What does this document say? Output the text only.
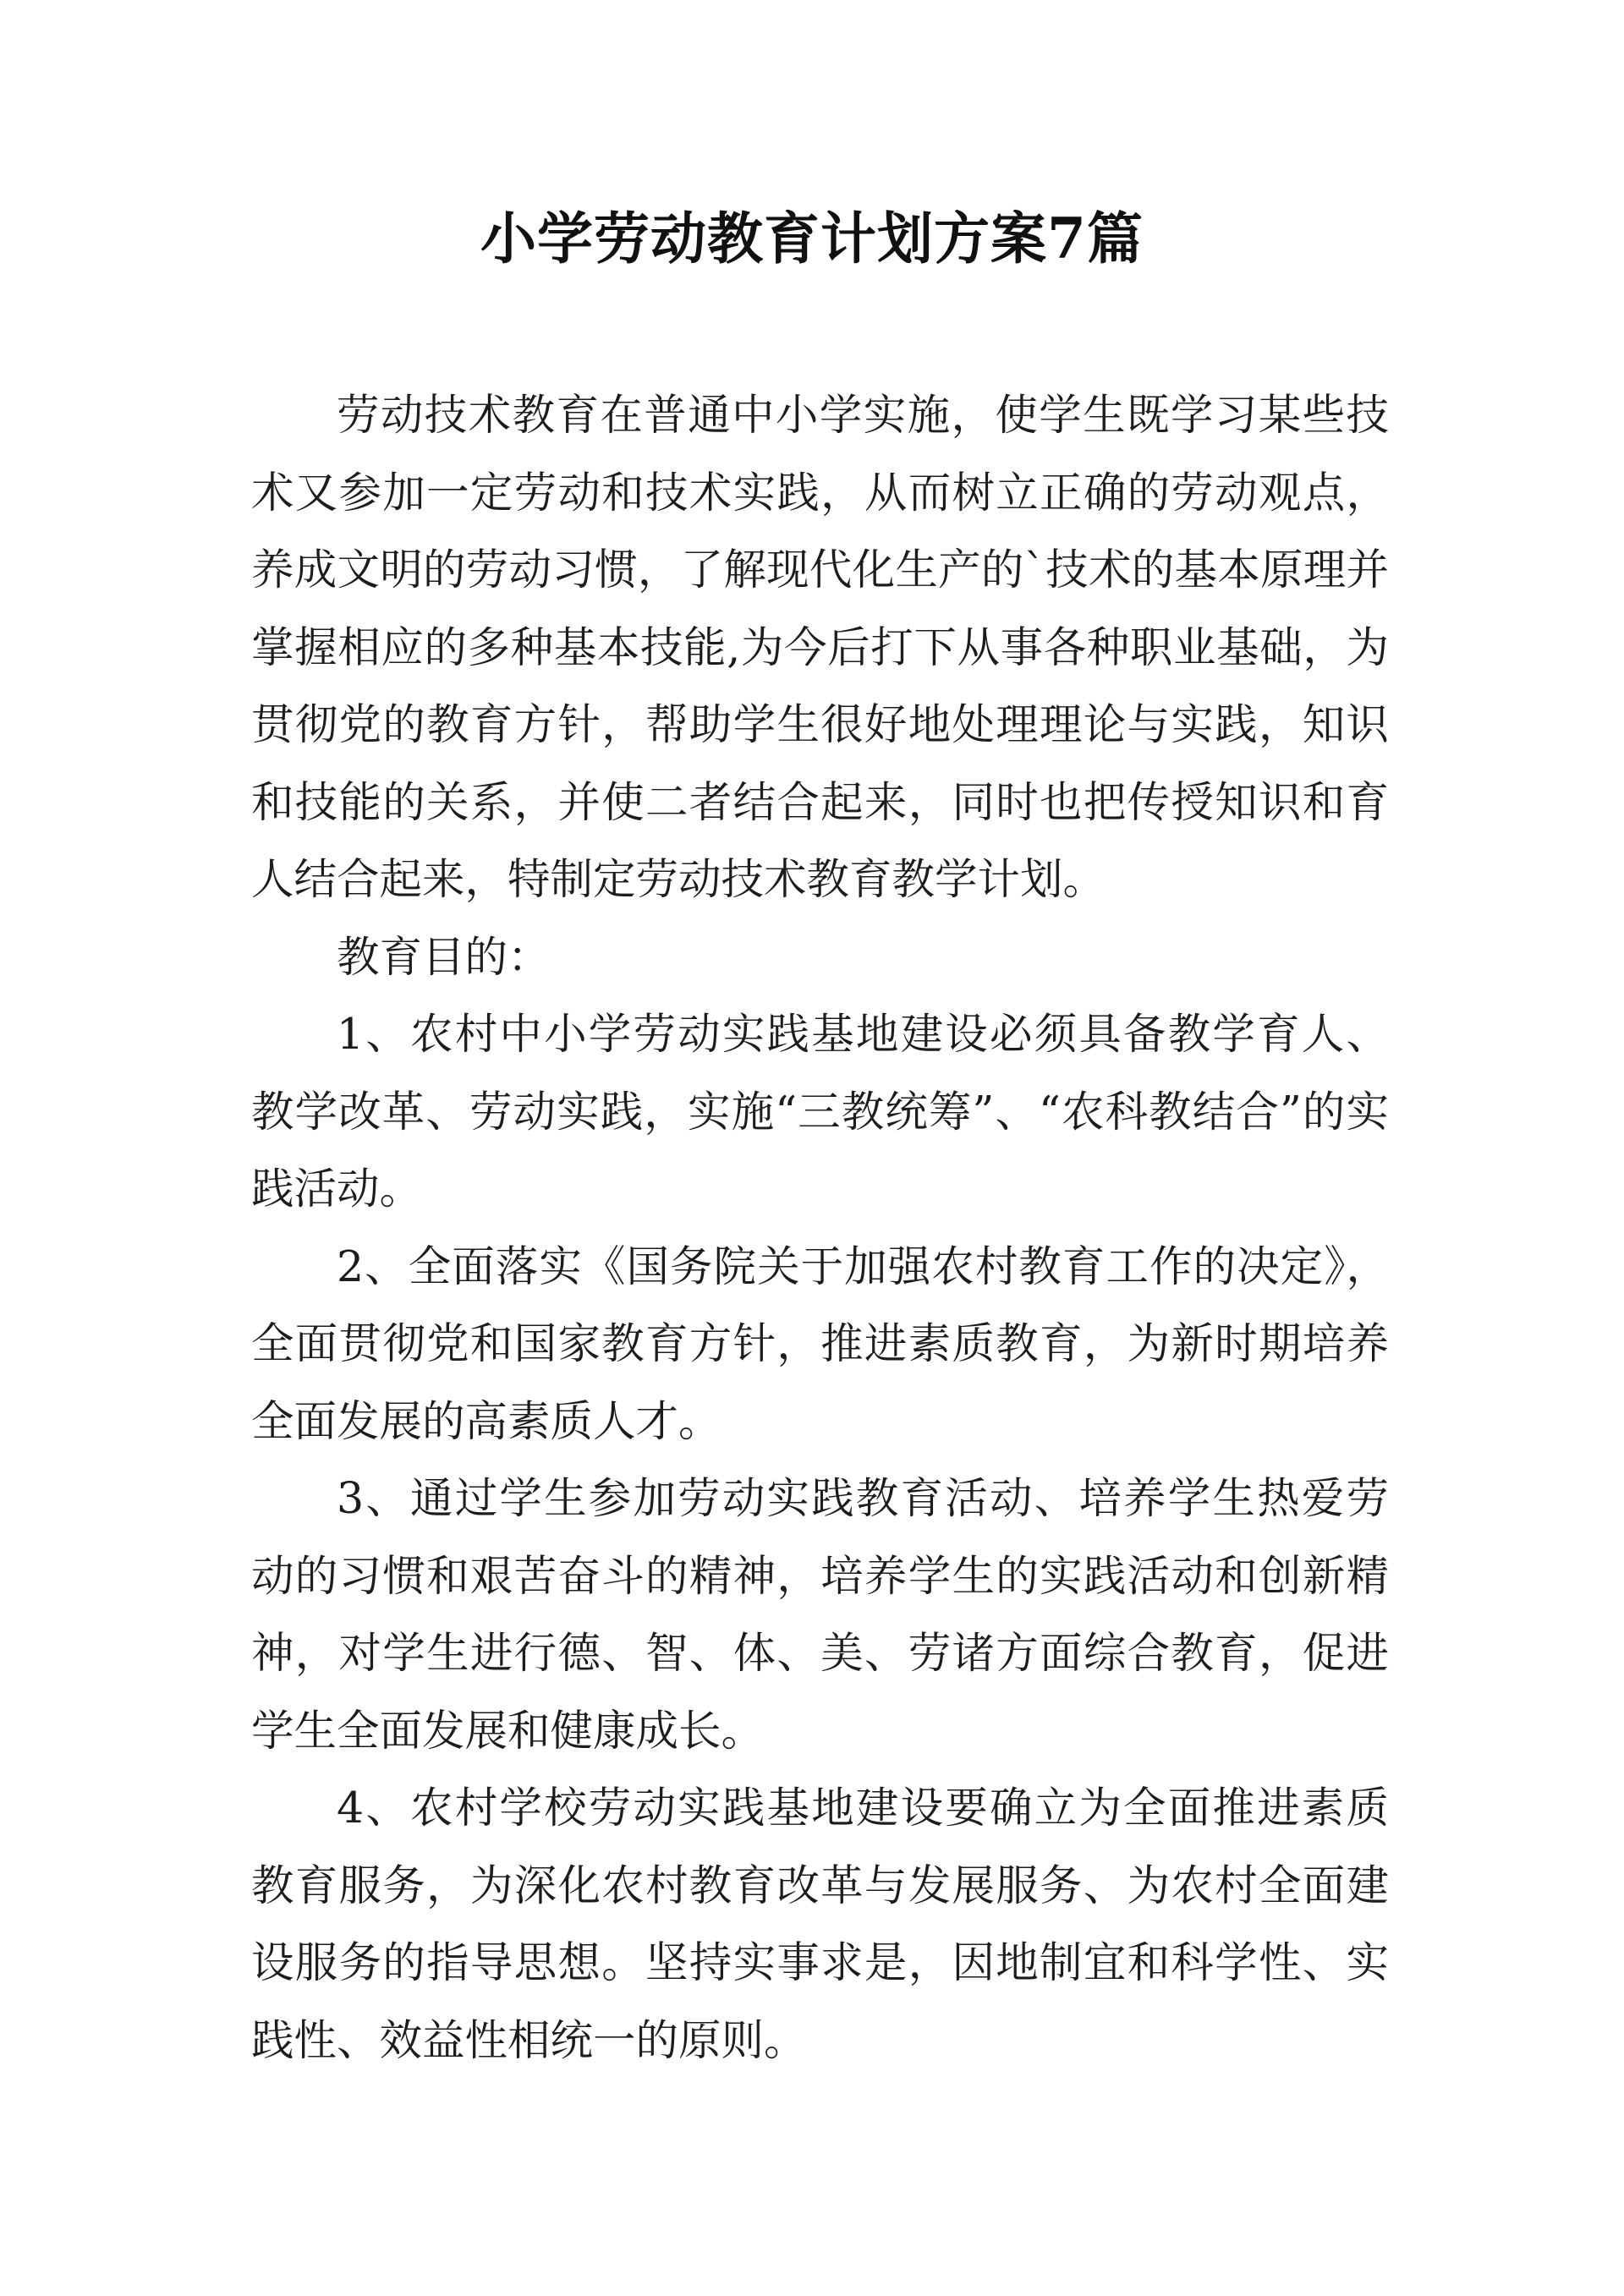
小学劳动教育计划方案7篇

劳动技术教育在普通中小学实施，使学生既学习某些技术又参加一定劳动和技术实践，从而树立正确的劳动观点，养成文明的劳动习惯，了解现代化生产的`技术的基本原理并掌握相应的多种基本技能,为今后打下从事各种职业基础，为贯彻党的教育方针，帮助学生很好地处理理论与实践，知识和技能的关系，并使二者结合起来，同时也把传授知识和育人结合起来，特制定劳动技术教育教学计划。

教育目的：

1、农村中小学劳动实践基地建设必须具备教学育人、教学改革、劳动实践，实施“三教统筹”、“农科教结合”的实践活动。

2、全面落实《国务院关于加强农村教育工作的决定》，全面贯彻党和国家教育方针，推进素质教育，为新时期培养全面发展的高素质人才。

3、通过学生参加劳动实践教育活动、培养学生热爱劳动的习惯和艰苦奋斗的精神，培养学生的实践活动和创新精神，对学生进行德、智、体、美、劳诸方面综合教育，促进学生全面发展和健康成长。

4、农村学校劳动实践基地建设要确立为全面推进素质教育服务，为深化农村教育改革与发展服务、为农村全面建设服务的指导思想。坚持实事求是，因地制宜和科学性、实践性、效益性相统一的原则。
